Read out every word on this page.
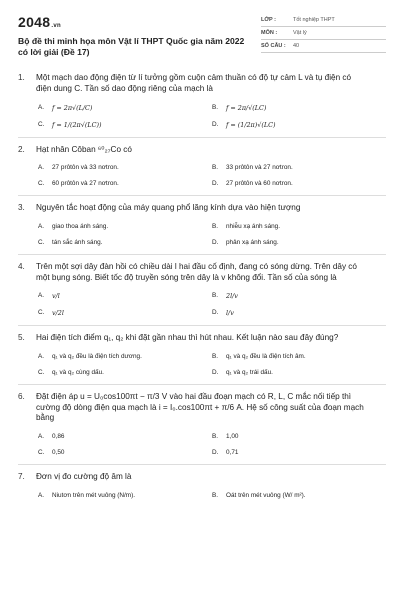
2048.vn
Bộ đề thi minh họa môn Vật lí THPT Quốc gia năm 2022 có lời giải (Đề 17)
LỚP :	Tốt nghiệp THPT
MÔN :	Vật lý
SỐ CÂU :	40
1.	Một mạch dao động điện từ lí tưởng gồm cuộn cảm thuần có độ tự cảm L và tụ điện có điện dung C. Tần số dao động riêng của mạch là
A.	f = 2π√(L/C)	B.	f = 2π/√(LC)
C.	f = 1/(2π√(LC))	D.	f = (1/2π)√(LC)
2.	Hạt nhân Côban ⁶⁰₂₇Co có
A.	27 prôtôn và 33 nơtron.	B.	33 prôtôn và 27 nơtron.
C.	60 prôtôn và 27 nơtron.	D.	27 prôtôn và 60 nơtron.
3.	Nguyên tắc hoạt động của máy quang phổ lăng kính dựa vào hiện tượng
A.	giao thoa ánh sáng.	B.	nhiễu xạ ánh sáng.
C.	tán sắc ánh sáng.	D.	phản xạ ánh sáng.
4.	Trên một sợi dây đàn hồi có chiều dài l hai đầu cố định, đang có sóng dừng. Trên dây có một bụng sóng. Biết tốc độ truyền sóng trên dây là v không đổi. Tần số của sóng là
A.	v/l	B.	2l/v
C.	v/2l	D.	l/v
5.	Hai điện tích điểm q₁, q₂ khi đặt gần nhau thì hút nhau. Kết luận nào sau đây đúng?
A.	q₁ và q₂ đều là điện tích dương.	B.	q₁ và q₂ đều là điện tích âm.
C.	q₁ và q₂ cùng dấu.	D.	q₁ và q₂ trái dấu.
6.	Đặt điện áp u = U₀cos100πt − π/3 V vào hai đầu đoạn mạch có R, L, C mắc nối tiếp thì cường độ dòng điện qua mạch là i = I₀.cos100πt + π/6 A. Hệ số công suất của đoạn mạch bằng
A.	0,86	B.	1,00
C.	0,50	D.	0,71
7.	Đơn vị đo cường độ âm là
A.	Niutơn trên mét vuông (N/m).	B.	Oát trên mét vuông (W/ m²).
